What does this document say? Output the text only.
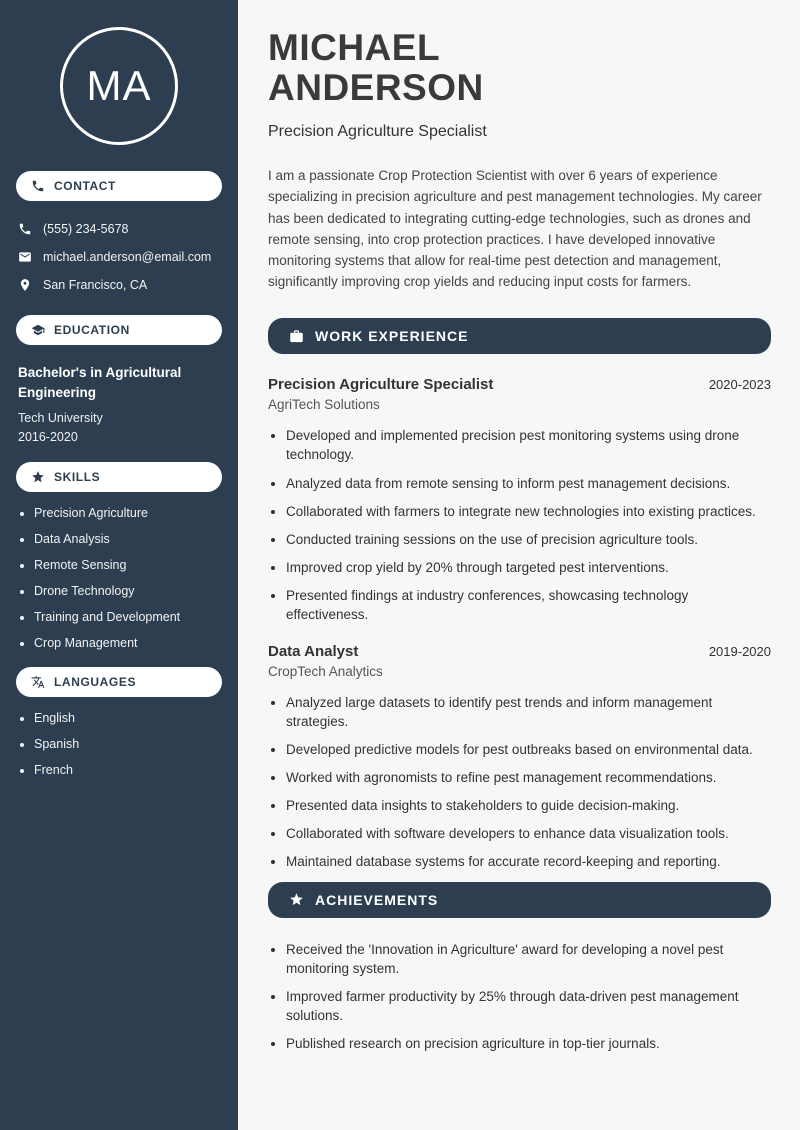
MA
CONTACT
(555) 234-5678
michael.anderson@email.com
San Francisco, CA
EDUCATION
Bachelor's in Agricultural Engineering
Tech University
2016-2020
SKILLS
• Precision Agriculture
• Data Analysis
• Remote Sensing
• Drone Technology
• Training and Development
• Crop Management
LANGUAGES
• English
• Spanish
• French
MICHAEL
ANDERSON
Precision Agriculture Specialist

I am a passionate Crop Protection Scientist with over 6 years of experience specializing in precision agriculture and pest management technologies. My career has been dedicated to integrating cutting-edge technologies, such as drones and remote sensing, into crop protection practices. I have developed innovative monitoring systems that allow for real-time pest detection and management, significantly improving crop yields and reducing input costs for farmers.

WORK EXPERIENCE
Precision Agriculture Specialist	2020-2023
AgriTech Solutions
• Developed and implemented precision pest monitoring systems using drone technology.
• Analyzed data from remote sensing to inform pest management decisions.
• Collaborated with farmers to integrate new technologies into existing practices.
• Conducted training sessions on the use of precision agriculture tools.
• Improved crop yield by 20% through targeted pest interventions.
• Presented findings at industry conferences, showcasing technology effectiveness.
Data Analyst	2019-2020
CropTech Analytics
• Analyzed large datasets to identify pest trends and inform management strategies.
• Developed predictive models for pest outbreaks based on environmental data.
• Worked with agronomists to refine pest management recommendations.
• Presented data insights to stakeholders to guide decision-making.
• Collaborated with software developers to enhance data visualization tools.
• Maintained database systems for accurate record-keeping and reporting.
ACHIEVEMENTS
• Received the 'Innovation in Agriculture' award for developing a novel pest monitoring system.
• Improved farmer productivity by 25% through data-driven pest management solutions.
• Published research on precision agriculture in top-tier journals.
